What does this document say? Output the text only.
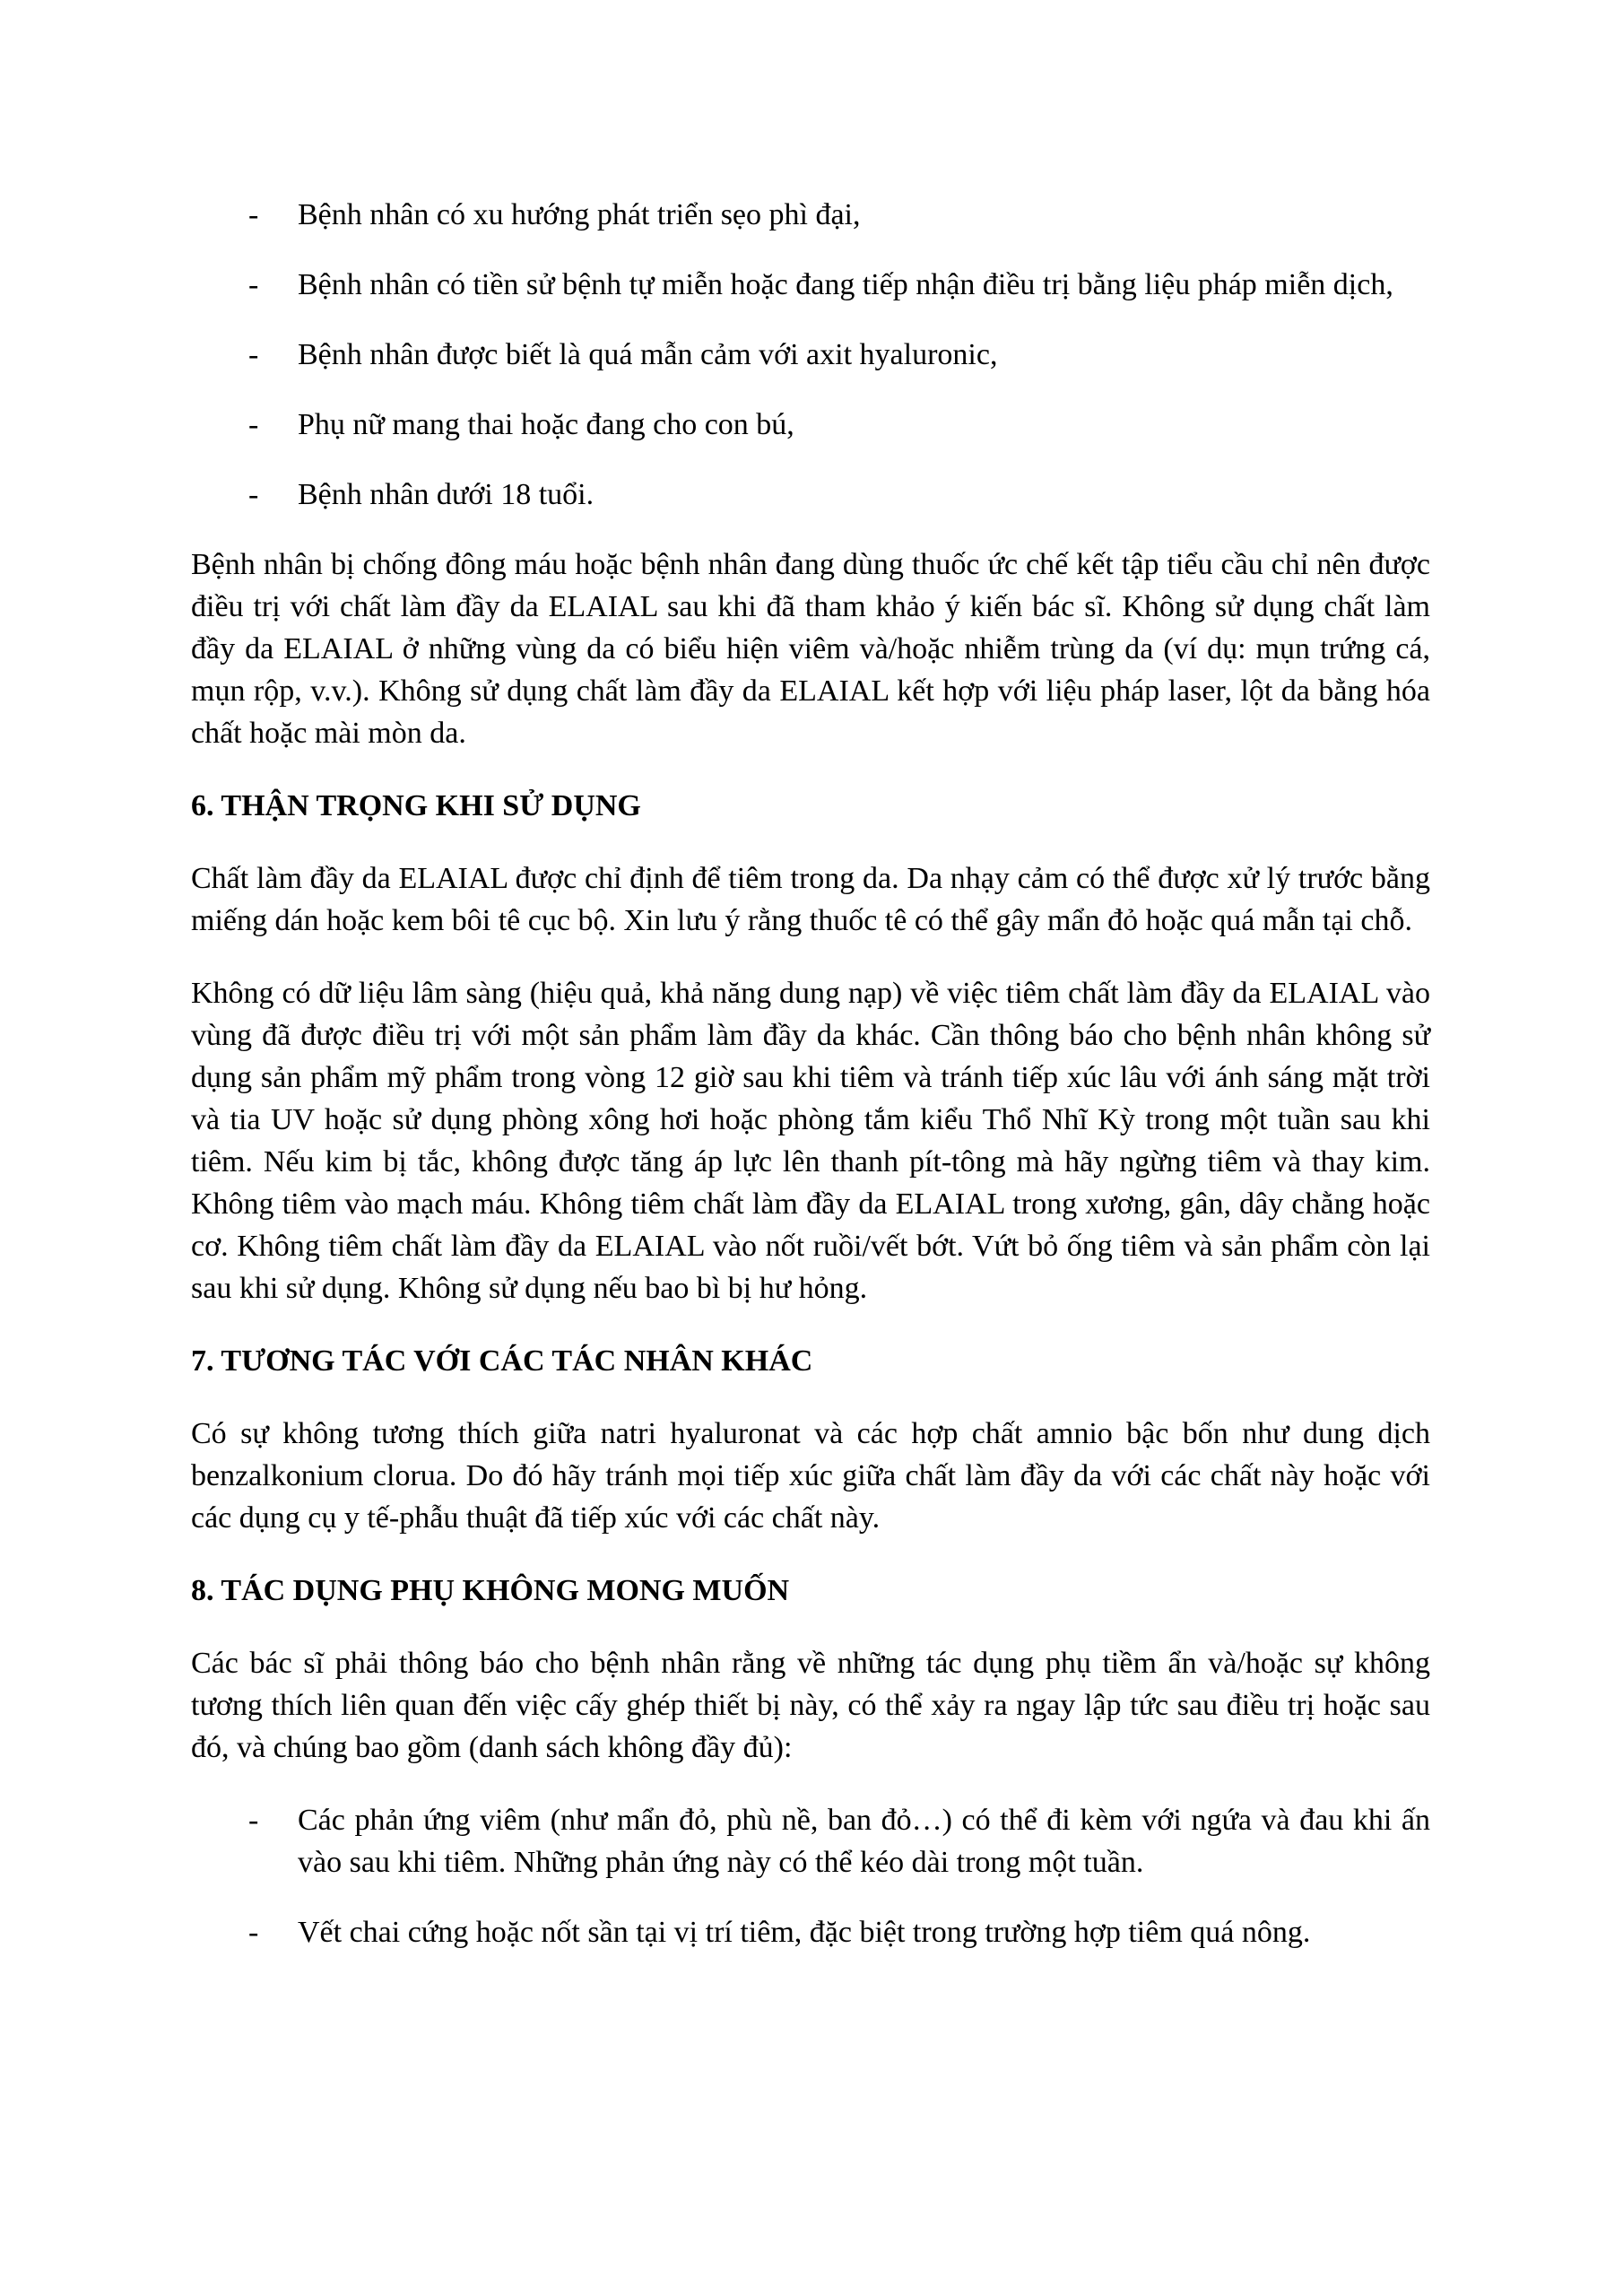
- Bệnh nhân có xu hướng phát triển sẹo phì đại,
- Bệnh nhân có tiền sử bệnh tự miễn hoặc đang tiếp nhận điều trị bằng liệu pháp miễn dịch,
- Bệnh nhân được biết là quá mẫn cảm với axit hyaluronic,
- Phụ nữ mang thai hoặc đang cho con bú,
- Bệnh nhân dưới 18 tuổi.

Bệnh nhân bị chống đông máu hoặc bệnh nhân đang dùng thuốc ức chế kết tập tiểu cầu chỉ nên được điều trị với chất làm đầy da ELAIAL sau khi đã tham khảo ý kiến bác sĩ. Không sử dụng chất làm đầy da ELAIAL ở những vùng da có biểu hiện viêm và/hoặc nhiễm trùng da (ví dụ: mụn trứng cá, mụn rộp, v.v.). Không sử dụng chất làm đầy da ELAIAL kết hợp với liệu pháp laser, lột da bằng hóa chất hoặc mài mòn da.

6. THẬN TRỌNG KHI SỬ DỤNG

Chất làm đầy da ELAIAL được chỉ định để tiêm trong da. Da nhạy cảm có thể được xử lý trước bằng miếng dán hoặc kem bôi tê cục bộ. Xin lưu ý rằng thuốc tê có thể gây mẩn đỏ hoặc quá mẫn tại chỗ.

Không có dữ liệu lâm sàng (hiệu quả, khả năng dung nạp) về việc tiêm chất làm đầy da ELAIAL vào vùng đã được điều trị với một sản phẩm làm đầy da khác. Cần thông báo cho bệnh nhân không sử dụng sản phẩm mỹ phẩm trong vòng 12 giờ sau khi tiêm và tránh tiếp xúc lâu với ánh sáng mặt trời và tia UV hoặc sử dụng phòng xông hơi hoặc phòng tắm kiểu Thổ Nhĩ Kỳ trong một tuần sau khi tiêm. Nếu kim bị tắc, không được tăng áp lực lên thanh pít-tông mà hãy ngừng tiêm và thay kim. Không tiêm vào mạch máu. Không tiêm chất làm đầy da ELAIAL trong xương, gân, dây chằng hoặc cơ. Không tiêm chất làm đầy da ELAIAL vào nốt ruồi/vết bớt. Vứt bỏ ống tiêm và sản phẩm còn lại sau khi sử dụng. Không sử dụng nếu bao bì bị hư hỏng.

7. TƯƠNG TÁC VỚI CÁC TÁC NHÂN KHÁC

Có sự không tương thích giữa natri hyaluronat và các hợp chất amnio bậc bốn như dung dịch benzalkonium clorua. Do đó hãy tránh mọi tiếp xúc giữa chất làm đầy da với các chất này hoặc với các dụng cụ y tế-phẫu thuật đã tiếp xúc với các chất này.

8. TÁC DỤNG PHỤ KHÔNG MONG MUỐN

Các bác sĩ phải thông báo cho bệnh nhân rằng về những tác dụng phụ tiềm ẩn và/hoặc sự không tương thích liên quan đến việc cấy ghép thiết bị này, có thể xảy ra ngay lập tức sau điều trị hoặc sau đó, và chúng bao gồm (danh sách không đầy đủ):

- Các phản ứng viêm (như mẩn đỏ, phù nề, ban đỏ…) có thể đi kèm với ngứa và đau khi ấn vào sau khi tiêm. Những phản ứng này có thể kéo dài trong một tuần.
- Vết chai cứng hoặc nốt sần tại vị trí tiêm, đặc biệt trong trường hợp tiêm quá nông.
